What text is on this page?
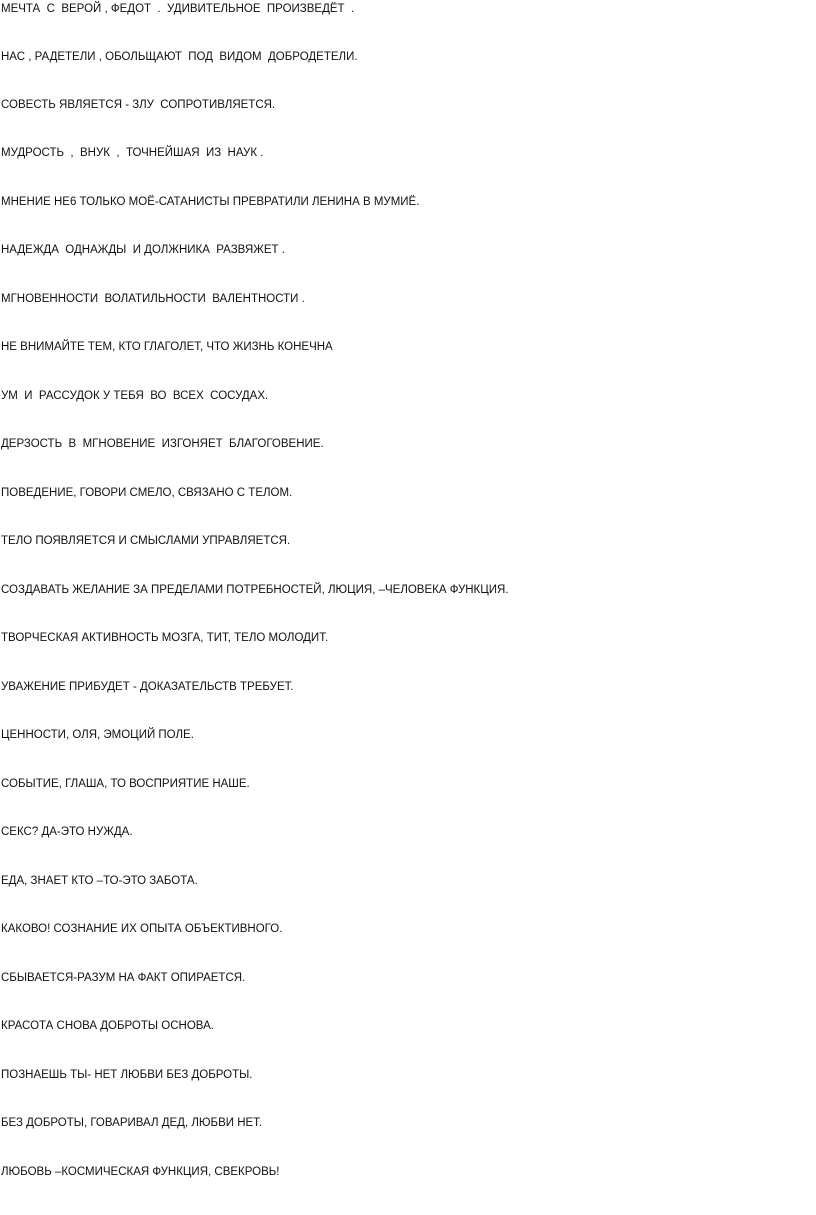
МЕЧТА  С  ВЕРОЙ , ФЕДОТ  .  УДИВИТЕЛЬНОЕ  ПРОИЗВЕДЁТ  .
НАС , РАДЕТЕЛИ , ОБОЛЬЩАЮТ  ПОД  ВИДОМ  ДОБРОДЕТЕЛИ.
СОВЕСТЬ ЯВЛЯЕТСЯ - ЗЛУ  СОПРОТИВЛЯЕТСЯ.
МУДРОСТЬ  ,  ВНУК  ,  ТОЧНЕЙШАЯ  ИЗ  НАУК .
МНЕНИЕ НЕ6 ТОЛЬКО МОЁ-САТАНИСТЫ ПРЕВРАТИЛИ ЛЕНИНА В МУМИЁ.
НАДЕЖДА  ОДНАЖДЫ  И ДОЛЖНИКА  РАЗВЯЖЕТ .
МГНОВЕННОСТИ  ВОЛАТИЛЬНОСТИ  ВАЛЕНТНОСТИ .
НЕ ВНИМАЙТЕ ТЕМ, КТО ГЛАГОЛЕТ, ЧТО ЖИЗНЬ КОНЕЧНА
УМ  И  РАССУДОК У ТЕБЯ  ВО  ВСЕХ  СОСУДАХ.
ДЕРЗОСТЬ  В  МГНОВЕНИЕ  ИЗГОНЯЕТ  БЛАГОГОВЕНИЕ.
ПОВЕДЕНИЕ, ГОВОРИ СМЕЛО, СВЯЗАНО С ТЕЛОМ.
ТЕЛО ПОЯВЛЯЕТСЯ И СМЫСЛАМИ УПРАВЛЯЕТСЯ.
СОЗДАВАТЬ ЖЕЛАНИЕ ЗА ПРЕДЕЛАМИ ПОТРЕБНОСТЕЙ, ЛЮЦИЯ, –ЧЕЛОВЕКА ФУНКЦИЯ.
ТВОРЧЕСКАЯ АКТИВНОСТЬ МОЗГА, ТИТ, ТЕЛО МОЛОДИТ.
УВАЖЕНИЕ ПРИБУДЕТ - ДОКАЗАТЕЛЬСТВ ТРЕБУЕТ.
ЦЕННОСТИ, ОЛЯ, ЭМОЦИЙ ПОЛЕ.
СОБЫТИЕ, ГЛАША, ТО ВОСПРИЯТИЕ НАШЕ.
СЕКС? ДА-ЭТО НУЖДА.
ЕДА, ЗНАЕТ КТО –ТО-ЭТО ЗАБОТА.
КАКОВО! СОЗНАНИЕ ИХ ОПЫТА ОБЪЕКТИВНОГО.
СБЫВАЕТСЯ-РАЗУМ НА ФАКТ ОПИРАЕТСЯ.
КРАСОТА СНОВА ДОБРОТЫ ОСНОВА.
ПОЗНАЕШЬ ТЫ- НЕТ ЛЮБВИ БЕЗ ДОБРОТЫ.
БЕЗ ДОБРОТЫ, ГОВАРИВАЛ ДЕД, ЛЮБВИ НЕТ.
ЛЮБОВЬ –КОСМИЧЕСКАЯ ФУНКЦИЯ, СВЕКРОВЬ!
